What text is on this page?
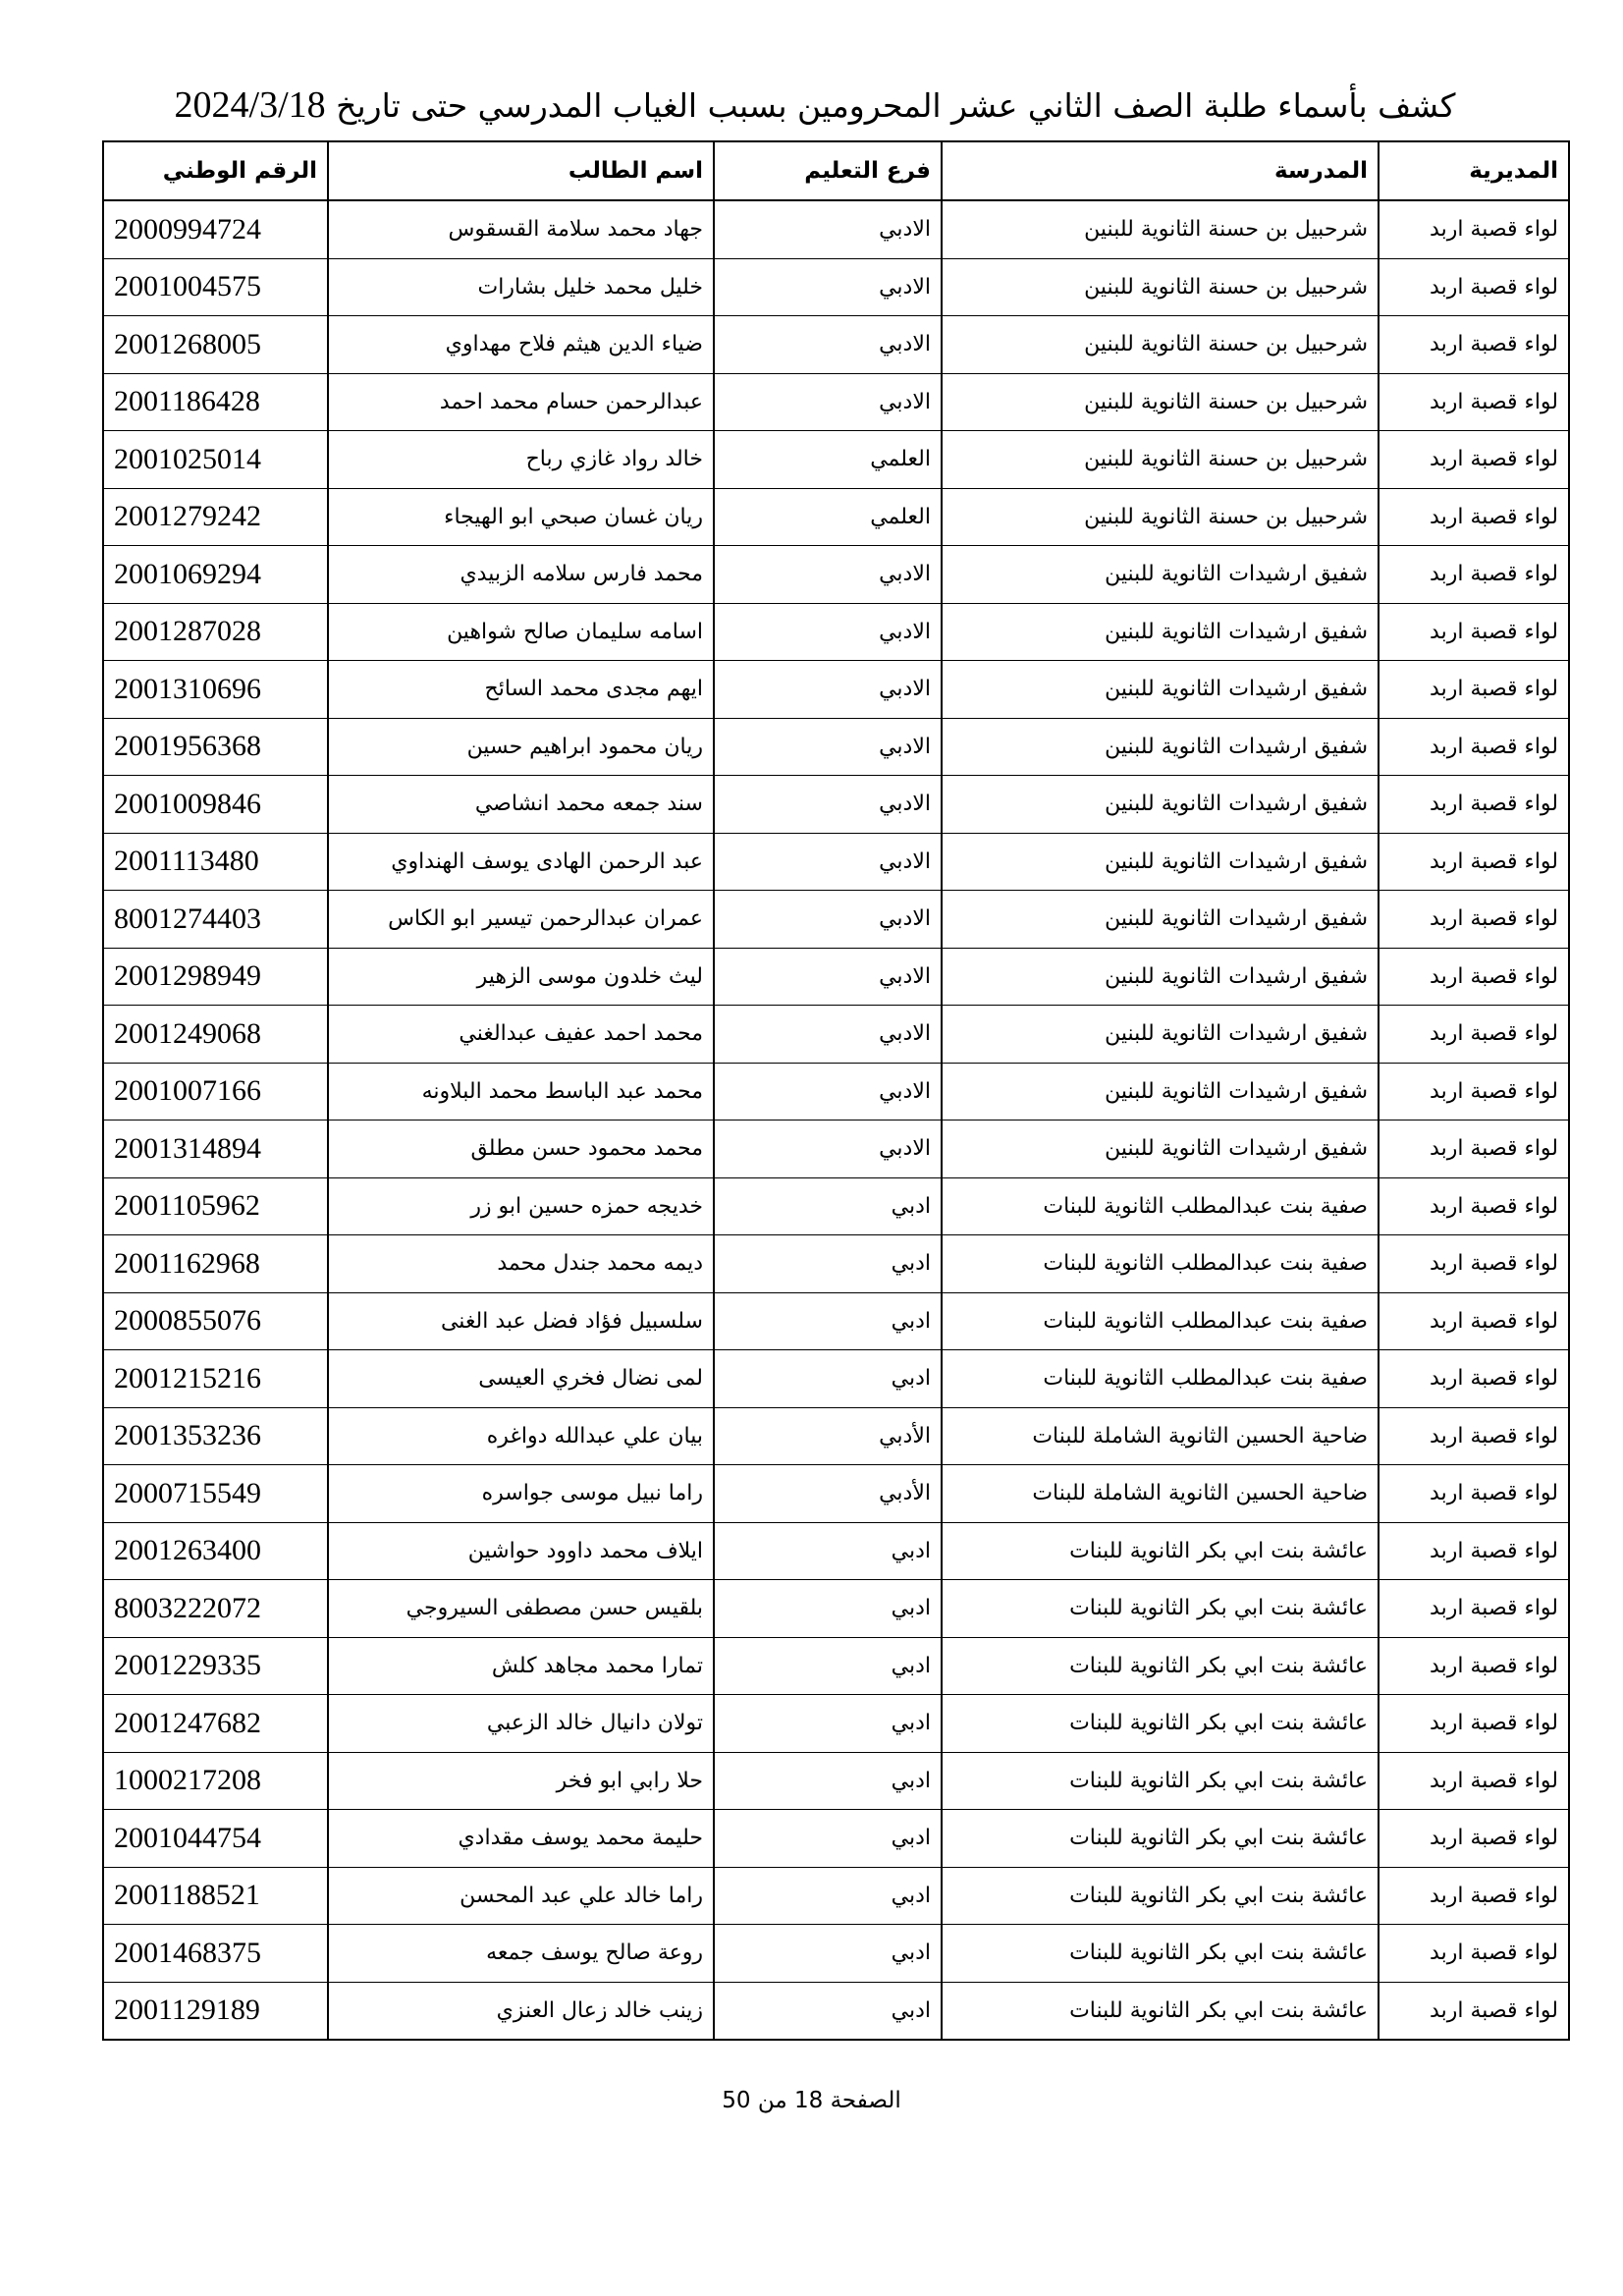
كشف بأسماء طلبة الصف الثاني عشر المحرومين بسبب الغياب المدرسي حتى تاريخ 2024/3/18
المديرية	المدرسة	فرع التعليم	اسم الطالب	الرقم الوطني
لواء قصبة اربد	شرحبيل بن حسنة الثانوية للبنين	الادبي	جهاد محمد سلامة القسقوس	2000994724
لواء قصبة اربد	شرحبيل بن حسنة الثانوية للبنين	الادبي	خليل محمد خليل بشارات	2001004575
لواء قصبة اربد	شرحبيل بن حسنة الثانوية للبنين	الادبي	ضياء الدين هيثم فلاح مهداوي	2001268005
لواء قصبة اربد	شرحبيل بن حسنة الثانوية للبنين	الادبي	عبدالرحمن حسام محمد احمد	2001186428
لواء قصبة اربد	شرحبيل بن حسنة الثانوية للبنين	العلمي	خالد رواد غازي رباح	2001025014
لواء قصبة اربد	شرحبيل بن حسنة الثانوية للبنين	العلمي	ريان غسان صبحي ابو الهيجاء	2001279242
لواء قصبة اربد	شفيق ارشيدات الثانوية للبنين	الادبي	محمد فارس سلامه الزبيدي	2001069294
لواء قصبة اربد	شفيق ارشيدات الثانوية للبنين	الادبي	اسامه سليمان صالح شواهين	2001287028
لواء قصبة اربد	شفيق ارشيدات الثانوية للبنين	الادبي	ايهم مجدى محمد السائح	2001310696
لواء قصبة اربد	شفيق ارشيدات الثانوية للبنين	الادبي	ريان محمود ابراهيم حسين	2001956368
لواء قصبة اربد	شفيق ارشيدات الثانوية للبنين	الادبي	سند جمعه محمد انشاصي	2001009846
لواء قصبة اربد	شفيق ارشيدات الثانوية للبنين	الادبي	عبد الرحمن الهادى يوسف الهنداوي	2001113480
لواء قصبة اربد	شفيق ارشيدات الثانوية للبنين	الادبي	عمران عبدالرحمن تيسير ابو الكاس	8001274403
لواء قصبة اربد	شفيق ارشيدات الثانوية للبنين	الادبي	ليث خلدون موسى الزهير	2001298949
لواء قصبة اربد	شفيق ارشيدات الثانوية للبنين	الادبي	محمد احمد عفيف عبدالغني	2001249068
لواء قصبة اربد	شفيق ارشيدات الثانوية للبنين	الادبي	محمد عبد الباسط محمد البلاونه	2001007166
لواء قصبة اربد	شفيق ارشيدات الثانوية للبنين	الادبي	محمد محمود حسن مطلق	2001314894
لواء قصبة اربد	صفية بنت عبدالمطلب الثانوية للبنات	ادبي	خديجه حمزه حسين ابو زر	2001105962
لواء قصبة اربد	صفية بنت عبدالمطلب الثانوية للبنات	ادبي	ديمه محمد جندل محمد	2001162968
لواء قصبة اربد	صفية بنت عبدالمطلب الثانوية للبنات	ادبي	سلسبيل فؤاد فضل عبد الغنى	2000855076
لواء قصبة اربد	صفية بنت عبدالمطلب الثانوية للبنات	ادبي	لمى نضال فخري العيسى	2001215216
لواء قصبة اربد	ضاحية الحسين الثانوية الشاملة للبنات	الأدبي	بيان علي عبدالله دواغره	2001353236
لواء قصبة اربد	ضاحية الحسين الثانوية الشاملة للبنات	الأدبي	راما نبيل موسى جواسره	2000715549
لواء قصبة اربد	عائشة بنت ابي بكر الثانوية للبنات	ادبي	ايلاف محمد داوود حواشين	2001263400
لواء قصبة اربد	عائشة بنت ابي بكر الثانوية للبنات	ادبي	بلقيس حسن مصطفى السيروجي	8003222072
لواء قصبة اربد	عائشة بنت ابي بكر الثانوية للبنات	ادبي	تمارا محمد مجاهد كلش	2001229335
لواء قصبة اربد	عائشة بنت ابي بكر الثانوية للبنات	ادبي	تولان دانيال خالد الزعبي	2001247682
لواء قصبة اربد	عائشة بنت ابي بكر الثانوية للبنات	ادبي	حلا رابي ابو فخر	1000217208
لواء قصبة اربد	عائشة بنت ابي بكر الثانوية للبنات	ادبي	حليمة محمد يوسف مقدادي	2001044754
لواء قصبة اربد	عائشة بنت ابي بكر الثانوية للبنات	ادبي	راما خالد علي عبد المحسن	2001188521
لواء قصبة اربد	عائشة بنت ابي بكر الثانوية للبنات	ادبي	روعة صالح يوسف جمعه	2001468375
لواء قصبة اربد	عائشة بنت ابي بكر الثانوية للبنات	ادبي	زينب خالد زعال العنزي	2001129189
الصفحة 18 من 50
